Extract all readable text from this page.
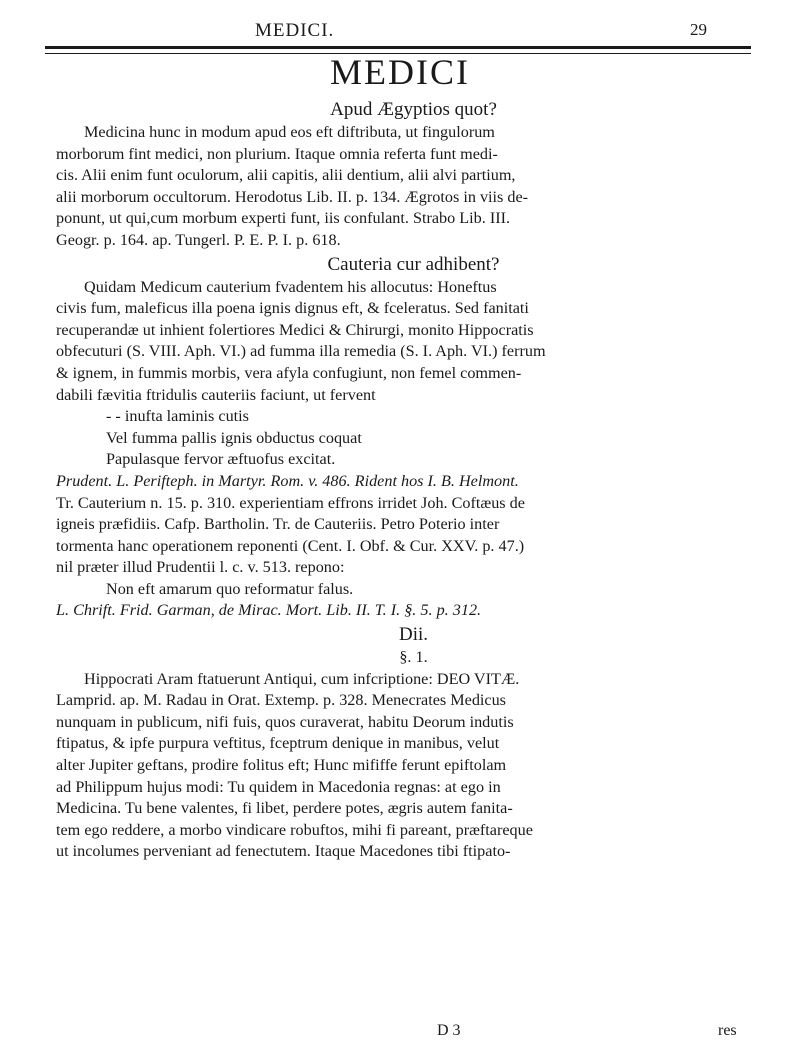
MEDICI.	29
MEDICI
Apud Ægyptios quot?
Medicina hunc in modum apud eos eft diftributa, ut fingulorum
morborum fint medici, non plurium. Itaque omnia referta funt medi-
cis. Alii enim funt oculorum, alii capitis, alii dentium, alii alvi partium,
alii morborum occultorum. Herodotus Lib. II. p. 134. Ægrotos in viis de-
ponunt, ut qui,cum morbum experti funt, iis confulant. Strabo Lib. III.
Geogr. p. 164. ap. Tungerl. P. E. P. I. p. 618.
Cauteria cur adhibent?
Quidam Medicum cauterium fvadentem his allocutus: Honeftus
civis fum, maleficus illa poena ignis dignus eft, & fceleratus. Sed fanitati
recuperandæ ut inhient folertiores Medici & Chirurgi, monito Hippocratis
obfecuturi (S. VIII. Aph. VI.) ad fumma illa remedia (S. I. Aph. VI.) ferrum
& ignem, in fummis morbis, vera afyla confugiunt, non femel commen-
dabili fævitia ftridulis cauteriis faciunt, ut fervent
- - inufta laminis cutis
Vel fumma pallis ignis obductus coquat
Papulasque fervor æftuofus excitat.
Prudent. L. Perifteph. in Martyr. Rom. v. 486. Rident hos I. B. Helmont.
Tr. Cauterium n. 15. p. 310. experientiam effrons irridet Joh. Coftæus de
igneis præfidiis. Cafp. Bartholin. Tr. de Cauteriis. Petro Poterio inter
tormenta hanc operationem reponenti (Cent. I. Obf. & Cur. XXV. p. 47.)
nil præter illud Prudentii l. c. v. 513. repono:
Non eft amarum quo reformatur falus.
L. Chrift. Frid. Garman, de Mirac. Mort. Lib. II. T. I. §. 5. p. 312.
Dii.
§. 1.
Hippocrati Aram ftatuerunt Antiqui, cum infcriptione: DEO VITÆ.
Lamprid. ap. M. Radau in Orat. Extemp. p. 328. Menecrates Medicus
nunquam in publicum, nifi fuis, quos curaverat, habitu Deorum indutis
ftipatus, & ipfe purpura veftitus, fceptrum denique in manibus, velut
alter Jupiter geftans, prodire folitus eft; Hunc mififfe ferunt epiftolam
ad Philippum hujus modi: Tu quidem in Macedonia regnas: at ego in
Medicina. Tu bene valentes, fi libet, perdere potes, ægris autem fanita-
tem ego reddere, a morbo vindicare robuftos, mihi fi pareant, præftareque
ut incolumes perveniant ad fenectutem. Itaque Macedones tibi ftipato-
D 3	res
